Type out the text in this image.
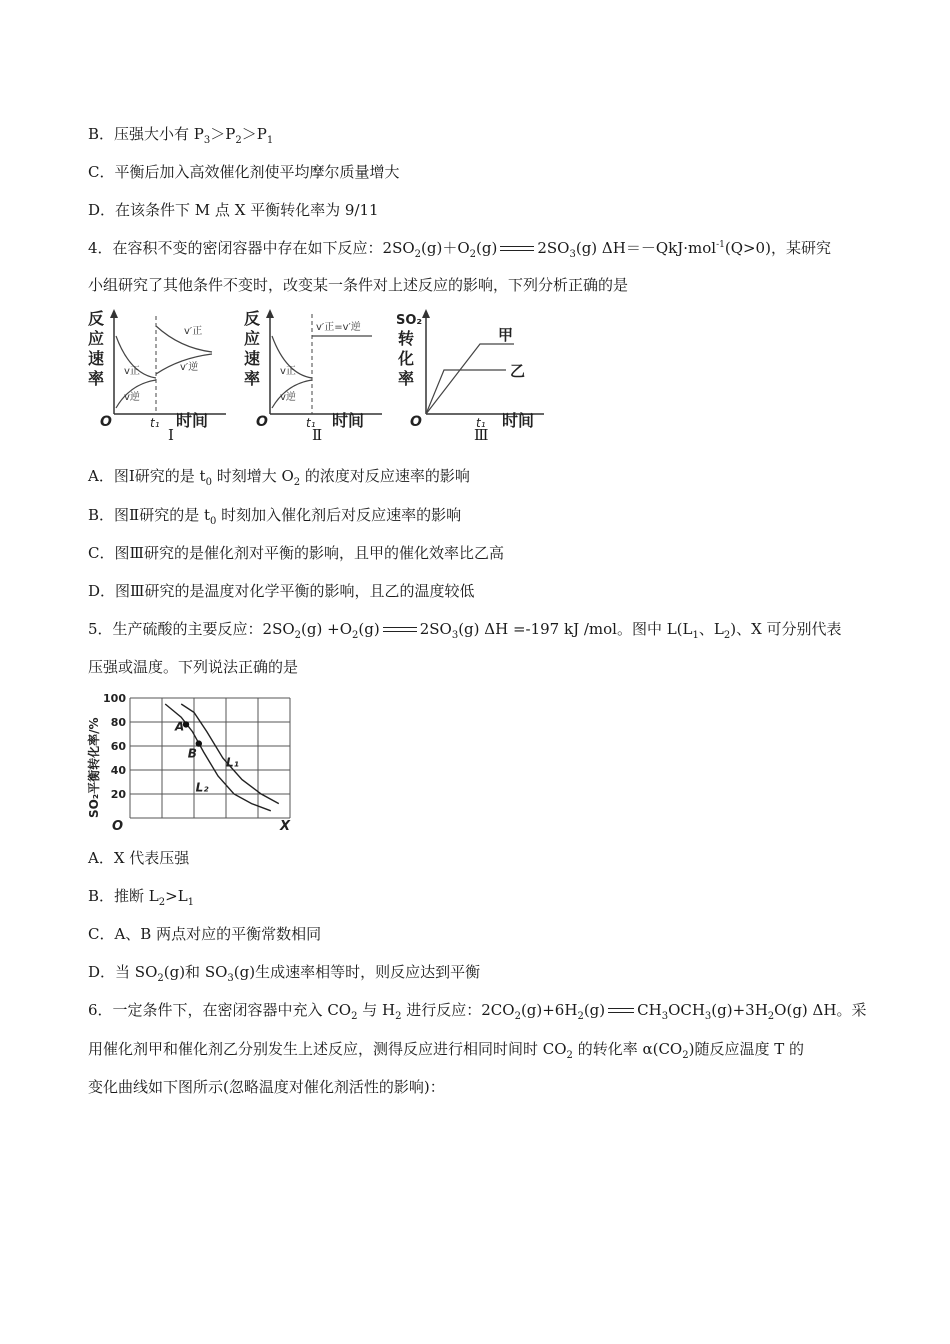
B．压强大小有 $P_3>P_2>P_1$
C．平衡后加入高效催化剂使平均摩尔质量增大
D．在该条件下 M 点 X 平衡转化率为 9/11
4．在容积不变的密闭容器中存在如下反应：$2SO_2(g)+O_2(g)$	$2SO_3(g)$ ΔH＝－QkJ·mol$^{-1}$(Q>0)，某研究
小组研究了其他条件不变时，改变某一条件对上述反应的影响，下列分析正确的是
反
应
速
率 v正
v逆
v′正
v′逆
O	t₁ 时间
Ⅰ
反
应
速
率 v正
v逆
v′正=v′逆
O	t₁ 时间
Ⅱ
SO₂
转
化
率
甲
乙
O	t₁ 时间
Ⅲ
A．图Ⅰ研究的是 $t_0$ 时刻增大 $O_2$ 的浓度对反应速率的影响
B．图Ⅱ研究的是 $t_0$ 时刻加入催化剂后对反应速率的影响
C．图Ⅲ研究的是催化剂对平衡的影响，且甲的催化效率比乙高
D．图Ⅲ研究的是温度对化学平衡的影响，且乙的温度较低
5．生产硫酸的主要反应：$2SO_2(g) +O_2(g)$	$2SO_3(g)$ ΔH =-197 kJ /mol。图中 $L(L_1$、$L_2$)、X 可分别代表
压强或温度。下列说法正确的是
SO₂平衡转化率/%
100
80
60
40
20
L₁
L₂
A
B
O	X
A．X 代表压强
B．推断 $L_2>L_1$
C．A、B 两点对应的平衡常数相同
D．当 $SO_2(g)$和 $SO_3(g)$生成速率相等时，则反应达到平衡
6．一定条件下，在密闭容器中充入 $CO_2$ 与 $H_2$ 进行反应：$2CO_2(g)+6H_2(g)$ $CH_3OCH_3(g)+3H_2O(g)$ ΔH。采
用催化剂甲和催化剂乙分别发生上述反应，测得反应进行相同时间时 $CO_2$ 的转化率 $\alpha(CO_2)$随反应温度 T 的
变化曲线如下图所示(忽略温度对催化剂活性的影响)：
